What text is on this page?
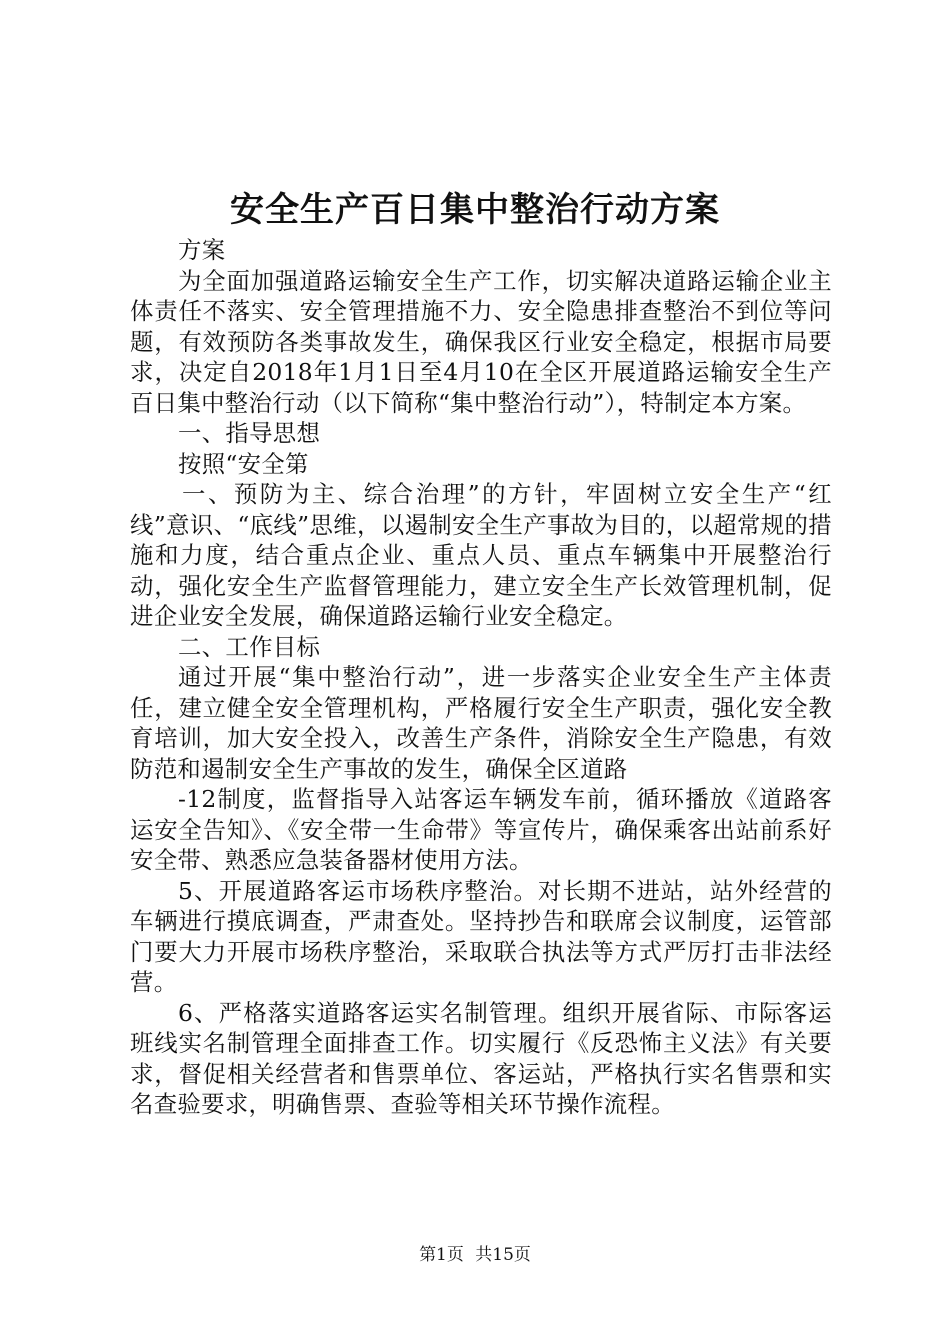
安全生产百日集中整治行动方案

方案

为全面加强道路运输安全生产工作，切实解决道路运输企业主体责任不落实、安全管理措施不力、安全隐患排查整治不到位等问题，有效预防各类事故发生，确保我区行业安全稳定，根据市局要求，决定自2018年1月1日至4月10在全区开展道路运输安全生产百日集中整治行动（以下简称“集中整治行动”），特制定本方案。

一、指导思想

按照“安全第

一、预防为主、综合治理”的方针，牢固树立安全生产“红线”意识、“底线”思维，以遏制安全生产事故为目的，以超常规的措施和力度，结合重点企业、重点人员、重点车辆集中开展整治行动，强化安全生产监督管理能力，建立安全生产长效管理机制，促进企业安全发展，确保道路运输行业安全稳定。

二、工作目标

通过开展“集中整治行动”，进一步落实企业安全生产主体责任，建立健全安全管理机构，严格履行安全生产职责，强化安全教育培训，加大安全投入，改善生产条件，消除安全生产隐患，有效防范和遏制安全生产事故的发生，确保全区道路

-12制度，监督指导入站客运车辆发车前，循环播放《道路客运安全告知》、《安全带一生命带》等宣传片，确保乘客出站前系好安全带、熟悉应急装备器材使用方法。

5、开展道路客运市场秩序整治。对长期不进站，站外经营的车辆进行摸底调查，严肃查处。坚持抄告和联席会议制度，运管部门要大力开展市场秩序整治，采取联合执法等方式严厉打击非法经营。

6、严格落实道路客运实名制管理。组织开展省际、市际客运班线实名制管理全面排查工作。切实履行《反恐怖主义法》有关要求，督促相关经营者和售票单位、客运站，严格执行实名售票和实名查验要求，明确售票、查验等相关环节操作流程。

第1页 共15页
